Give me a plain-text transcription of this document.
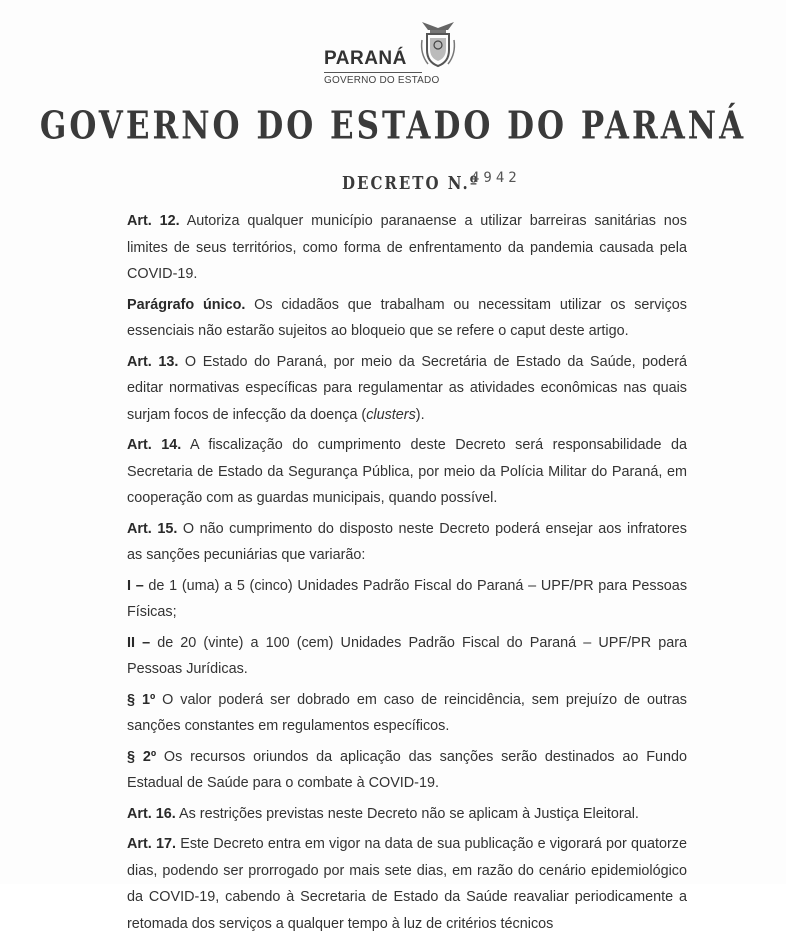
PARANÁ
GOVERNO DO ESTADO
GOVERNO DO ESTADO DO PARANÁ
DECRETO N.º
4942

Art. 12. Autoriza qualquer município paranaense a utilizar barreiras sanitárias nos limites de seus territórios, como forma de enfrentamento da pandemia causada pela COVID-19.

Parágrafo único. Os cidadãos que trabalham ou necessitam utilizar os serviços essenciais não estarão sujeitos ao bloqueio que se refere o caput deste artigo.

Art. 13. O Estado do Paraná, por meio da Secretária de Estado da Saúde, poderá editar normativas específicas para regulamentar as atividades econômicas nas quais surjam focos de infecção da doença (clusters).

Art. 14. A fiscalização do cumprimento deste Decreto será responsabilidade da Secretaria de Estado da Segurança Pública, por meio da Polícia Militar do Paraná, em cooperação com as guardas municipais, quando possível.

Art. 15. O não cumprimento do disposto neste Decreto poderá ensejar aos infratores as sanções pecuniárias que variarão:

I – de 1 (uma) a 5 (cinco) Unidades Padrão Fiscal do Paraná – UPF/PR para Pessoas Físicas;

II – de 20 (vinte) a 100 (cem) Unidades Padrão Fiscal do Paraná – UPF/PR para Pessoas Jurídicas.

§ 1º O valor poderá ser dobrado em caso de reincidência, sem prejuízo de outras sanções constantes em regulamentos específicos.

§ 2º Os recursos oriundos da aplicação das sanções serão destinados ao Fundo Estadual de Saúde para o combate à COVID-19.

Art. 16. As restrições previstas neste Decreto não se aplicam à Justiça Eleitoral.

Art. 17. Este Decreto entra em vigor na data de sua publicação e vigorará por quatorze dias, podendo ser prorrogado por mais sete dias, em razão do cenário epidemiológico da COVID-19, cabendo à Secretaria de Estado da Saúde reavaliar periodicamente a retomada dos serviços a qualquer tempo à luz de critérios técnicos
